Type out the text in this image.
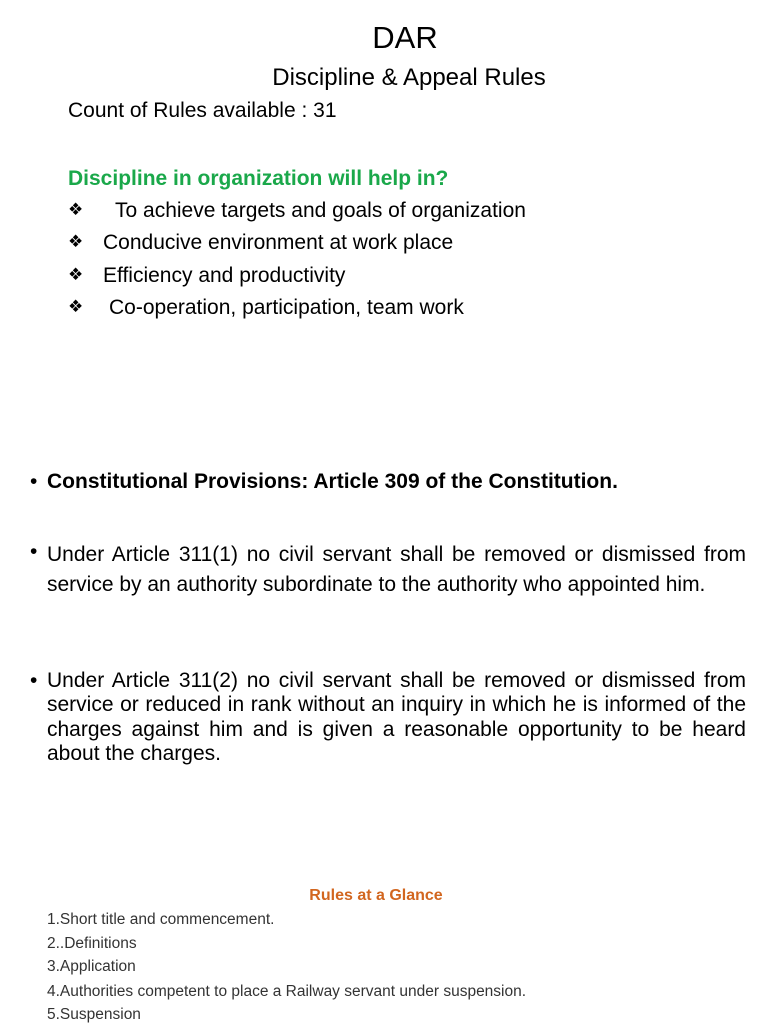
DAR
Discipline & Appeal Rules
Count of Rules available : 31
Discipline in organization will help in?
❖ To achieve targets and goals of organization
❖ Conducive environment at work place
❖ Efficiency and productivity
❖ Co-operation, participation, team work
• Constitutional Provisions: Article 309 of the Constitution.
• Under Article 311(1) no civil servant shall be removed or dismissed from service by an authority subordinate to the authority who appointed him.
• Under Article 311(2) no civil servant shall be removed or dismissed from service or reduced in rank without an inquiry in which he is informed of the charges against him and is given a reasonable opportunity to be heard about the charges.
Rules at a Glance
1.Short title and commencement.
2..Definitions
3.Application
4.Authorities competent to place a Railway servant under suspension.
5.Suspension
